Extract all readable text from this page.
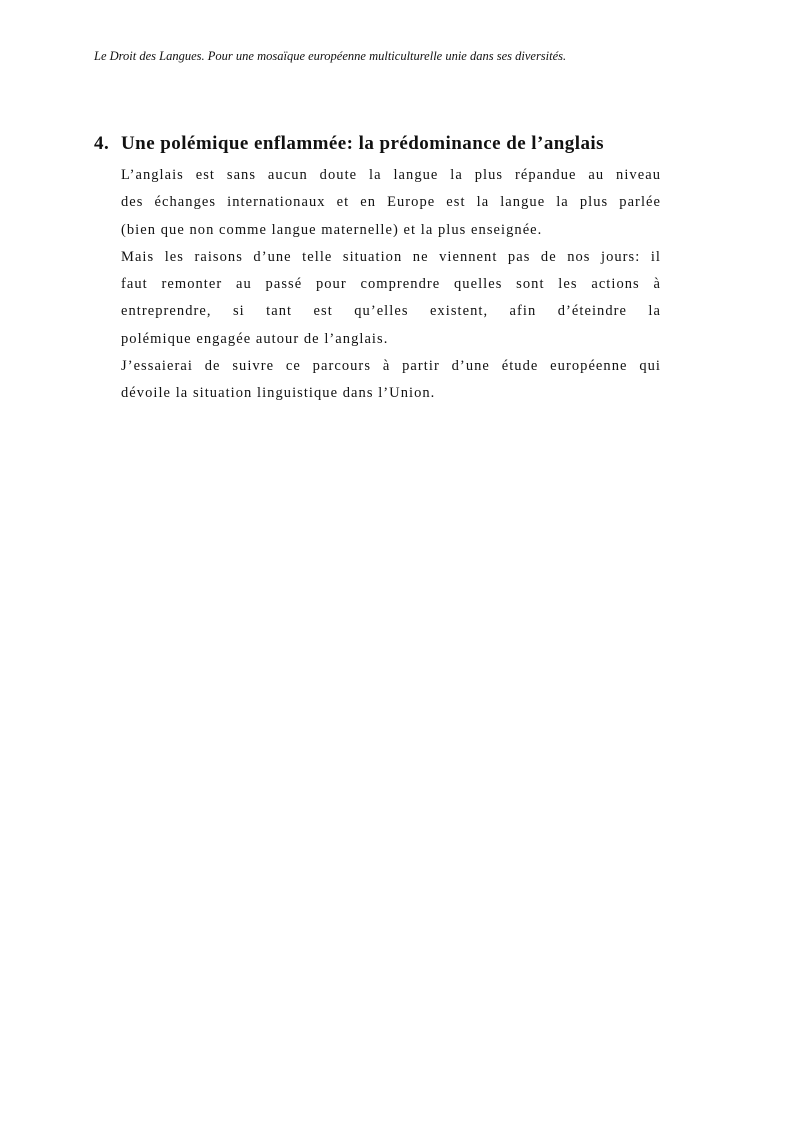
Le Droit des Langues. Pour une mosaïque européenne multiculturelle unie dans ses diversités.
4. Une polémique enflammée: la prédominance de l’anglais

L’anglais est sans aucun doute la langue la plus répandue au niveau
des échanges internationaux et en Europe est la langue la plus parlée
(bien que non comme langue maternelle) et la plus enseignée.

Mais les raisons d’une telle situation ne viennent pas de nos jours: il
faut remonter au passé pour comprendre quelles sont les actions à
entreprendre, si tant est qu’elles existent, afin d’éteindre la
polémique engagée autour de l’anglais.

J’essaierai de suivre ce parcours à partir d’une étude européenne qui
dévoile la situation linguistique dans l’Union.
